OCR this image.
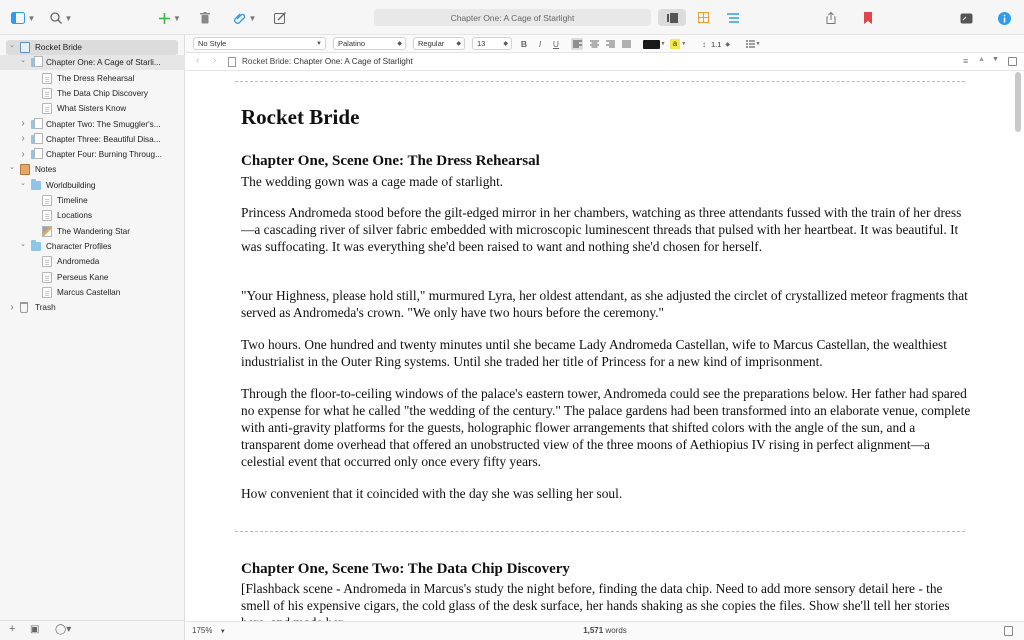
▼	▼	▼	▼	Chapter One: A Cage of Starlight
⌄ Rocket Bride
⌄ Chapter One: A Cage of Starli...
The Dress Rehearsal
The Data Chip Discovery
What Sisters Know
›	Chapter Two: The Smuggler's...
›	Chapter Three: Beautiful Disa...
›	Chapter Four: Burning Throug...
⌄ Notes
⌄ Worldbuilding
Timeline
Locations
The Wandering Star
⌄ Character Profiles
Andromeda
Perseus Kane
Marcus Castellan
›	Trash
+ ▣ ◯▾
No Style	▼ Palatino	◆ Regular ◆ 13	◆ B	I	U	▼ a ▼ ↕ 1.1 ◆	▼
‹ ›	Rocket Bride: Chapter One: A Cage of Starlight	≡ ▲ ▼
Rocket Bride
Chapter One, Scene One: The Dress Rehearsal
The wedding gown was a cage made of starlight.
Princess Andromeda stood before the gilt-edged mirror in her chambers, watching as three attendants fussed with the train of her dress—a cascading river of silver fabric embedded with microscopic luminescent threads that pulsed with her heartbeat. It was beautiful. It was suffocating. It was everything she'd been raised to want and nothing she'd chosen for herself.
"Your Highness, please hold still," murmured Lyra, her oldest attendant, as she adjusted the circlet of crystallized meteor fragments that served as Andromeda's crown. "We only have two hours before the ceremony."
Two hours. One hundred and twenty minutes until she became Lady Andromeda Castellan, wife to Marcus Castellan, the wealthiest industrialist in the Outer Ring systems. Until she traded her title of Princess for a new kind of imprisonment.
Through the floor-to-ceiling windows of the palace's eastern tower, Andromeda could see the preparations below. Her father had spared no expense for what he called "the wedding of the century." The palace gardens had been transformed into an elaborate venue, complete with anti-gravity platforms for the guests, holographic flower arrangements that shifted colors with the angle of the sun, and a transparent dome overhead that offered an unobstructed view of the three moons of Aethiopius IV rising in perfect alignment—a celestial event that occurred only once every fifty years.
How convenient that it coincided with the day she was selling her soul.
Chapter One, Scene Two: The Data Chip Discovery
[Flashback scene - Andromeda in Marcus's study the night before, finding the data chip. Need to add more sensory detail here - the smell of his expensive cigars, the cold glass of the desk surface, her hands shaking as she copies the files. Show she'll tell her stories
175% ▼	1,571 words
